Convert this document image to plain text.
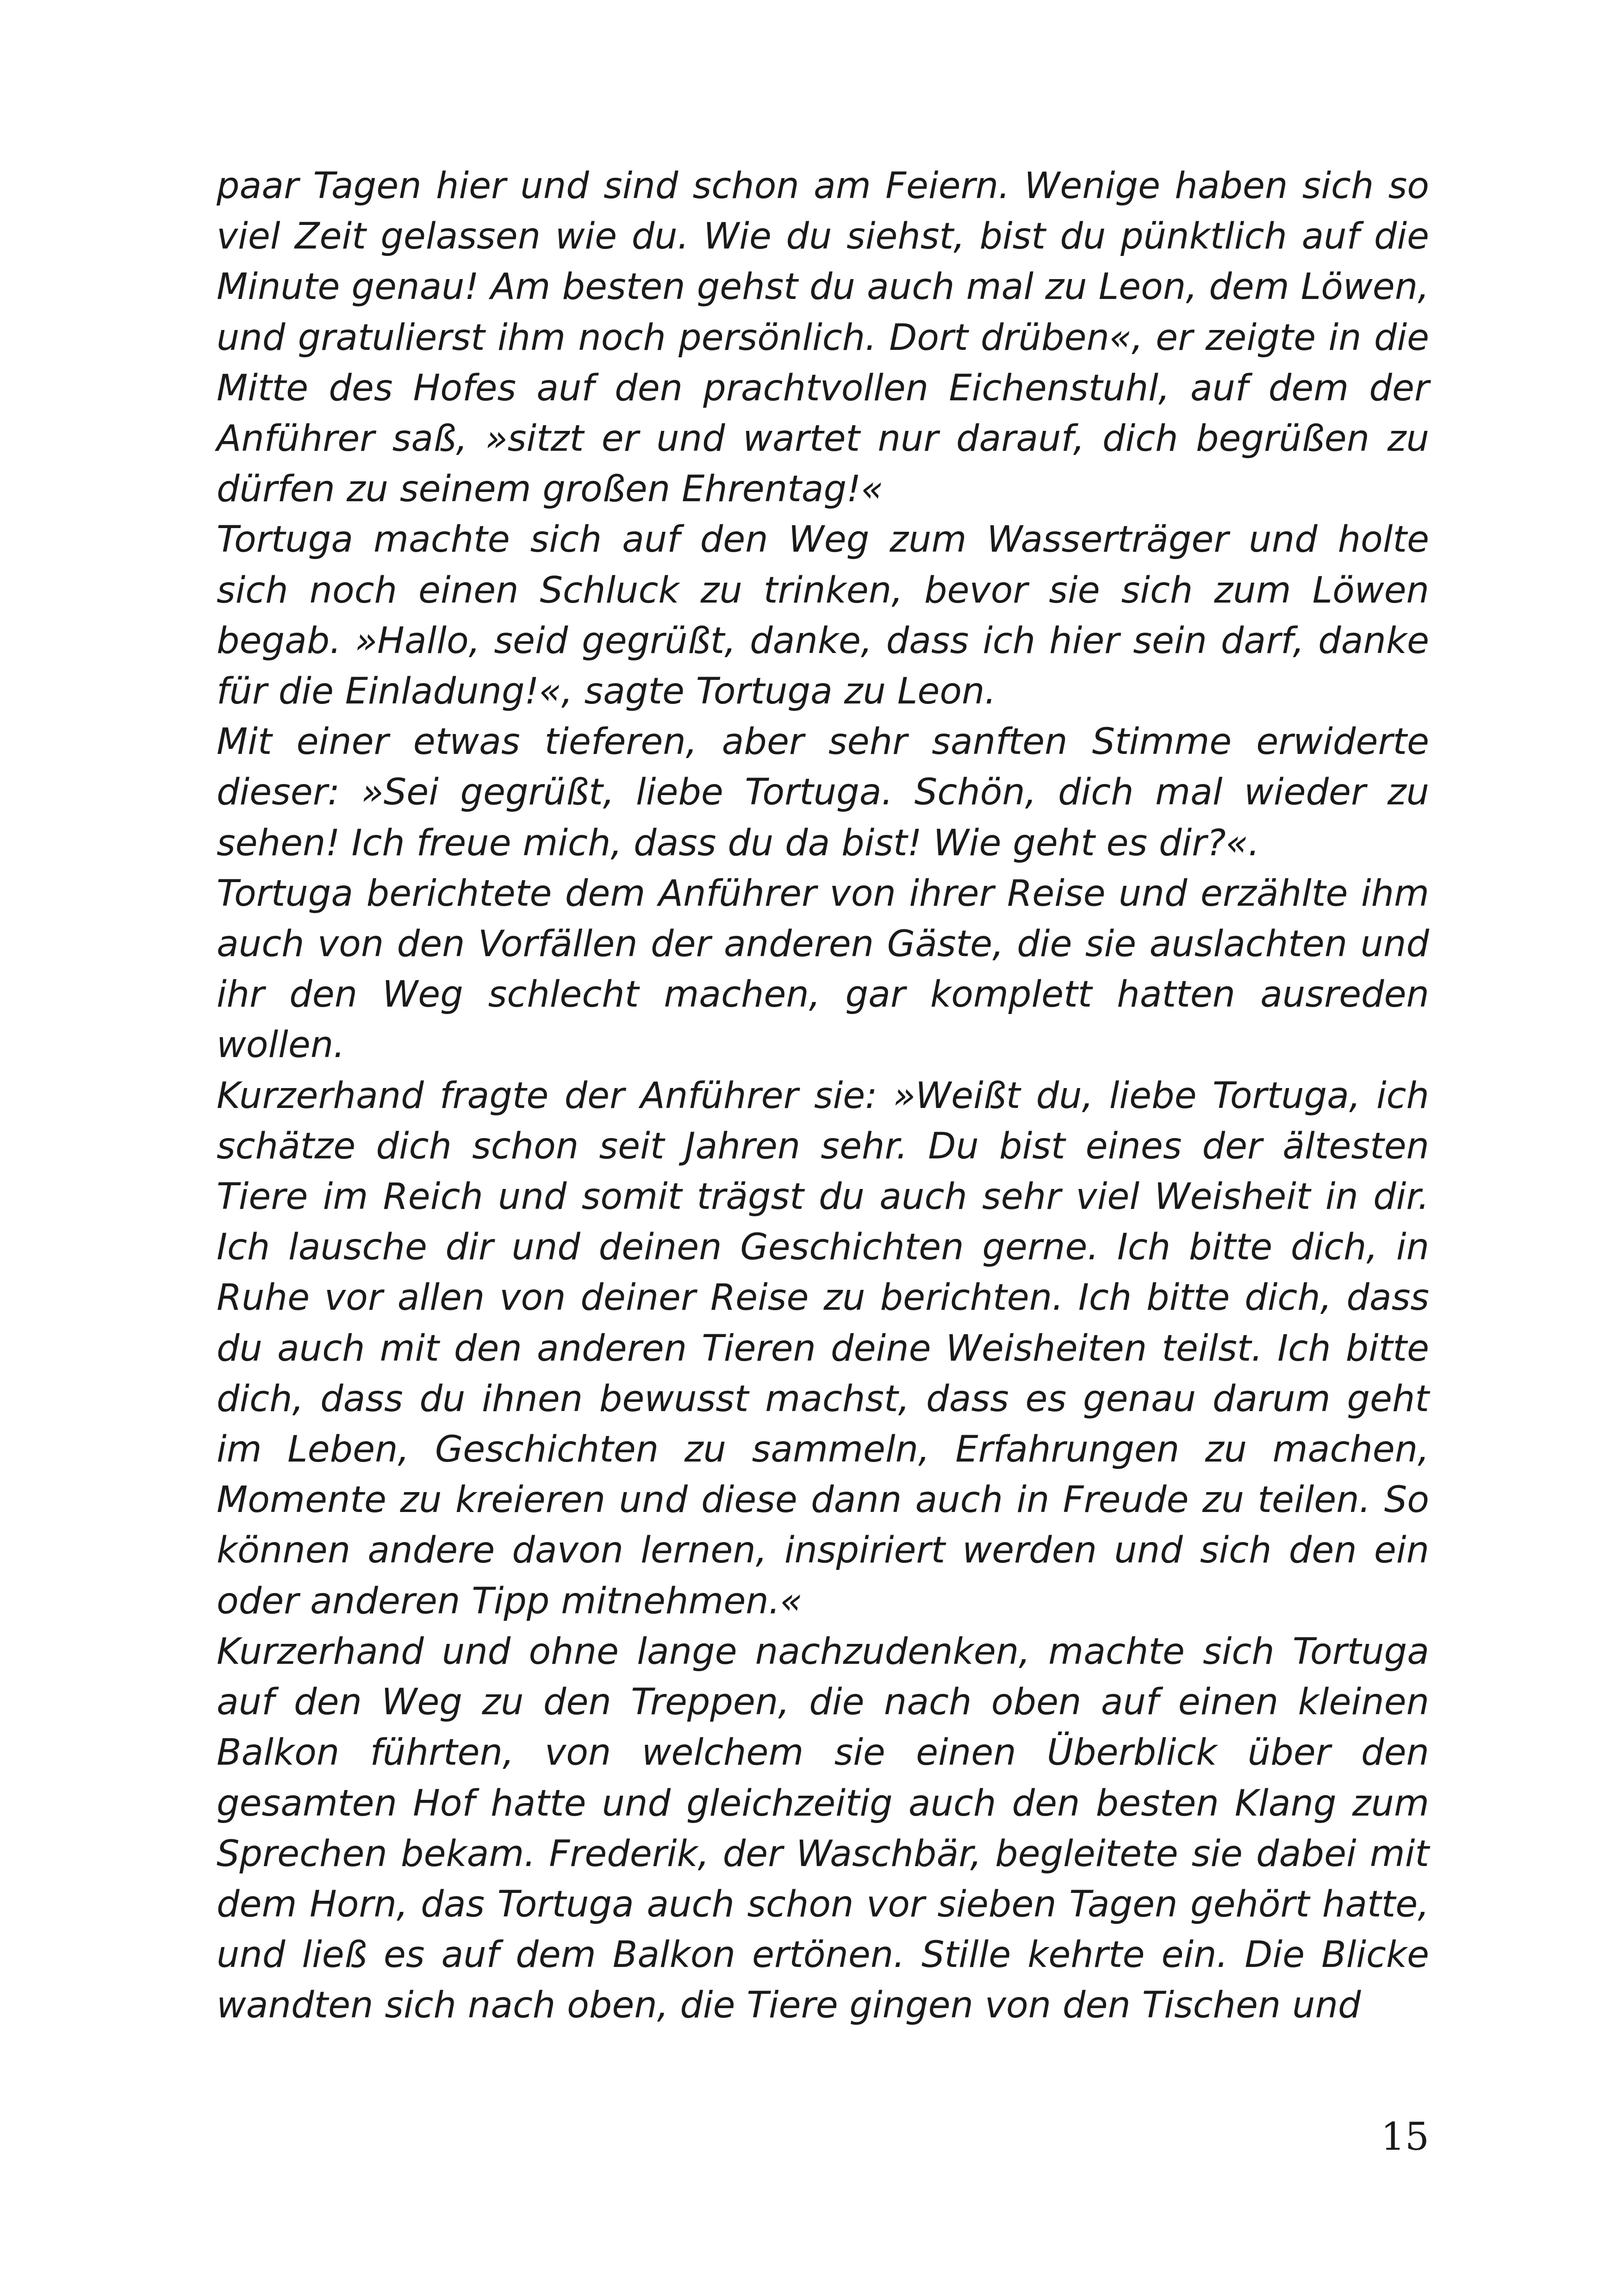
paar Tagen hier und sind schon am Feiern. Wenige haben sich so viel Zeit gelassen wie du. Wie du siehst, bist du pünktlich auf die Minute genau! Am besten gehst du auch mal zu Leon, dem Löwen, und gratulierst ihm noch persönlich. Dort drüben«, er zeigte in die Mitte des Hofes auf den prachtvollen Eichenstuhl, auf dem der Anführer saß, »sitzt er und wartet nur darauf, dich begrüßen zu dürfen zu seinem großen Ehrentag!«

Tortuga machte sich auf den Weg zum Wasserträger und holte sich noch einen Schluck zu trinken, bevor sie sich zum Löwen begab. »Hallo, seid gegrüßt, danke, dass ich hier sein darf, danke für die Einladung!«, sagte Tortuga zu Leon.

Mit einer etwas tieferen, aber sehr sanften Stimme erwiderte dieser: »Sei gegrüßt, liebe Tortuga. Schön, dich mal wieder zu sehen! Ich freue mich, dass du da bist! Wie geht es dir?«.

Tortuga berichtete dem Anführer von ihrer Reise und erzählte ihm auch von den Vorfällen der anderen Gäste, die sie auslachten und ihr den Weg schlecht machen, gar komplett hatten ausreden wollen.

Kurzerhand fragte der Anführer sie: »Weißt du, liebe Tortuga, ich schätze dich schon seit Jahren sehr. Du bist eines der ältesten Tiere im Reich und somit trägst du auch sehr viel Weisheit in dir. Ich lausche dir und deinen Geschichten gerne. Ich bitte dich, in Ruhe vor allen von deiner Reise zu berichten. Ich bitte dich, dass du auch mit den anderen Tieren deine Weisheiten teilst. Ich bitte dich, dass du ihnen bewusst machst, dass es genau darum geht im Leben, Geschichten zu sammeln, Erfahrungen zu machen, Momente zu kreieren und diese dann auch in Freude zu teilen. So können andere davon lernen, inspiriert werden und sich den ein oder anderen Tipp mitnehmen.«

Kurzerhand und ohne lange nachzudenken, machte sich Tortuga auf den Weg zu den Treppen, die nach oben auf einen kleinen Balkon führten, von welchem sie einen Überblick über den gesamten Hof hatte und gleichzeitig auch den besten Klang zum Sprechen bekam. Frederik, der Waschbär, begleitete sie dabei mit dem Horn, das Tortuga auch schon vor sieben Tagen gehört hatte, und ließ es auf dem Balkon ertönen. Stille kehrte ein. Die Blicke wandten sich nach oben, die Tiere gingen von den Tischen und

15
